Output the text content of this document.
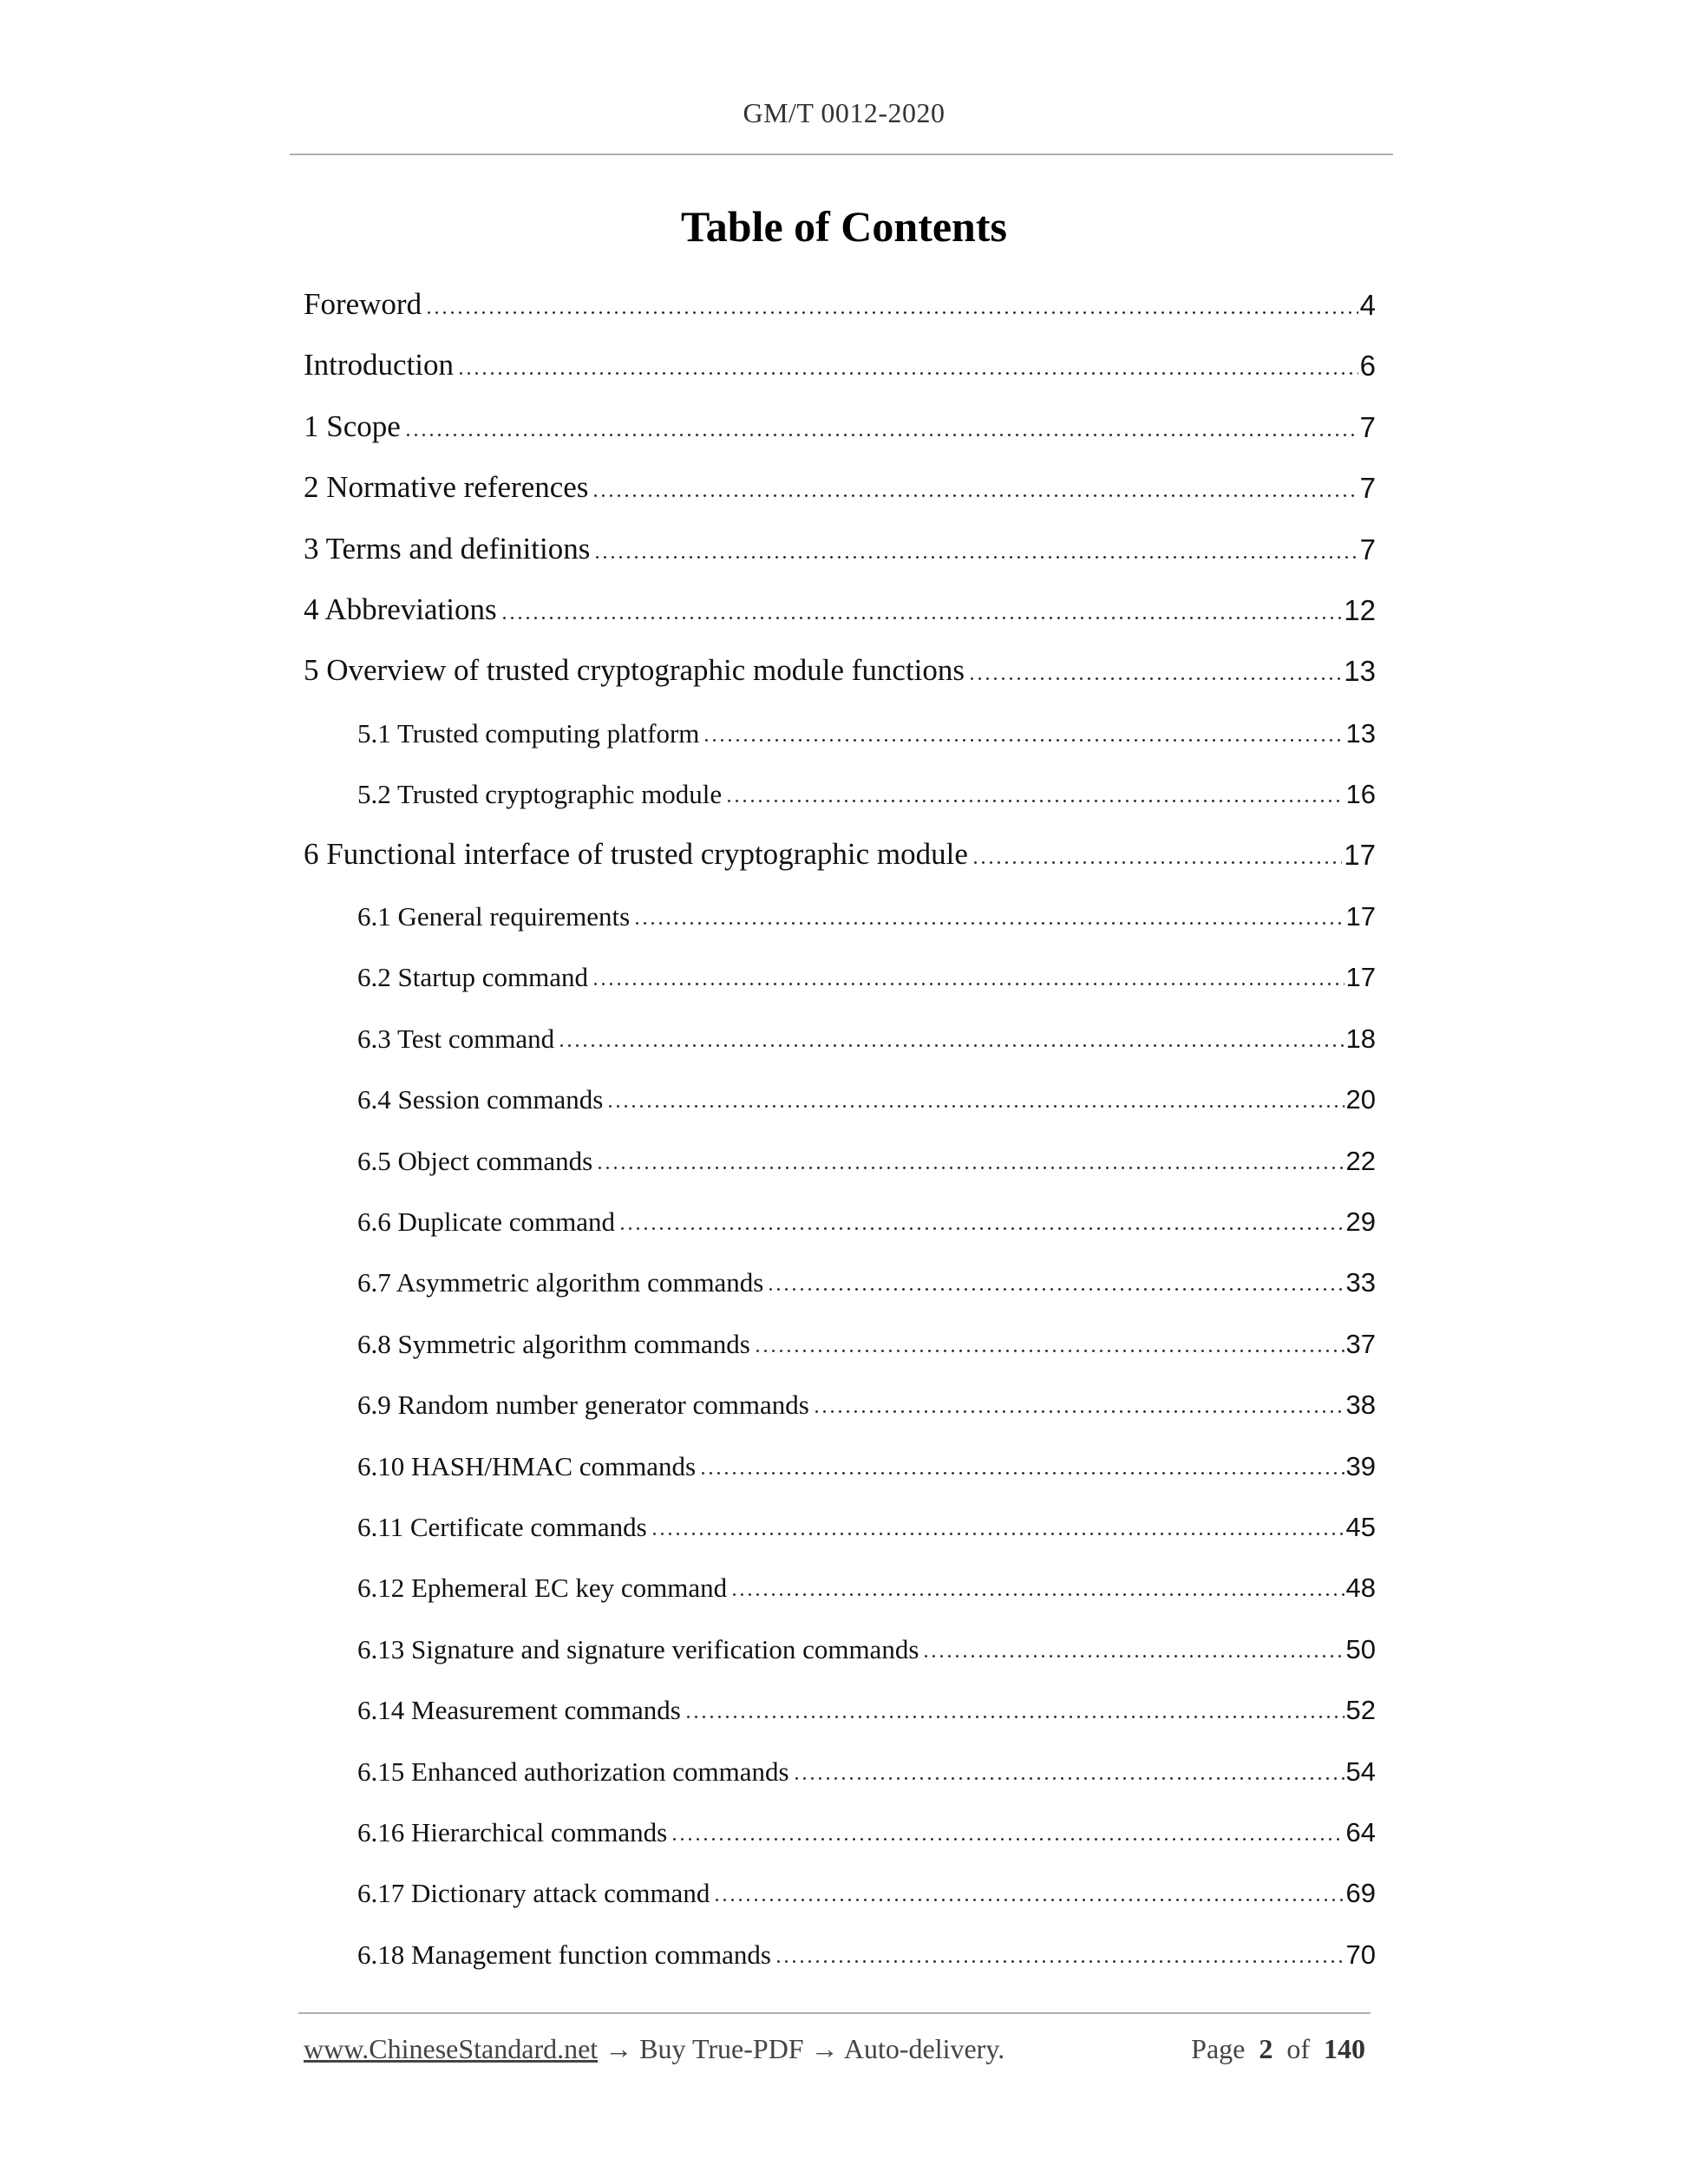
GM/T 0012-2020
Table of Contents
Foreword	4
Introduction	6
1 Scope	7
2 Normative references	7
3 Terms and definitions	7
4 Abbreviations	12
5 Overview of trusted cryptographic module functions	13
5.1 Trusted computing platform	13
5.2 Trusted cryptographic module	16
6 Functional interface of trusted cryptographic module	17
6.1 General requirements	17
6.2 Startup command	17
6.3 Test command	18
6.4 Session commands	20
6.5 Object commands	22
6.6 Duplicate command	29
6.7 Asymmetric algorithm commands	33
6.8 Symmetric algorithm commands	37
6.9 Random number generator commands	38
6.10 HASH/HMAC commands	39
6.11 Certificate commands	45
6.12 Ephemeral EC key command	48
6.13 Signature and signature verification commands	50
6.14 Measurement commands	52
6.15 Enhanced authorization commands	54
6.16 Hierarchical commands	64
6.17 Dictionary attack command	69
6.18 Management function commands	70
www.ChineseStandard.net → Buy True-PDF → Auto-delivery.	Page 2 of 140
